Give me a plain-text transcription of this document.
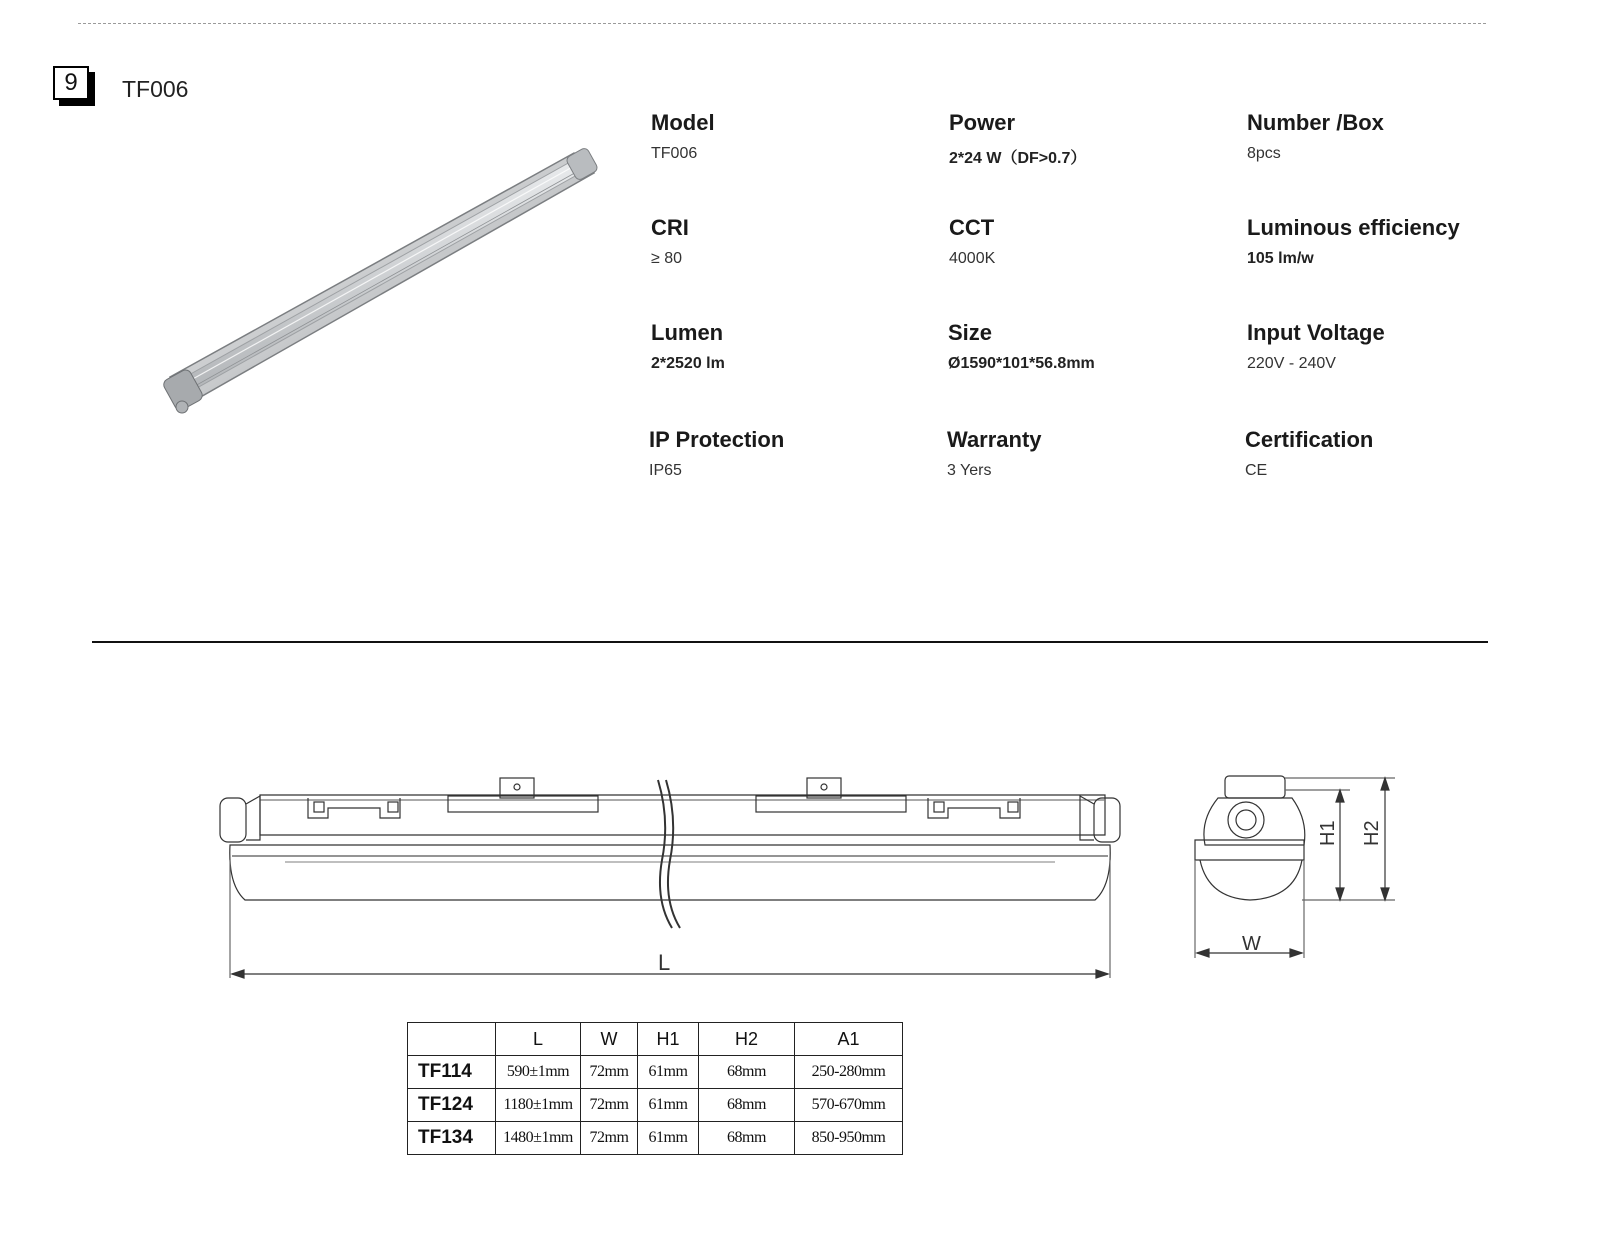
9	TF006
Model
TF006
Power
2*24 W（DF>0.7）
Number /Box
8pcs
CRI
≥ 80
CCT
4000K
Luminous efficiency
105 lm/w
Lumen
2*2520 lm
Size
Ø1590*101*56.8mm
Input Voltage
220V - 240V
IP Protection
IP65
Warranty
3 Yers
Certification
CE
L
H1 H2
W
	L	W	H1	H2	A1
TF114	590±1mm	72mm	61mm	68mm	250-280mm
TF124	1180±1mm	72mm	61mm	68mm	570-670mm
TF134	1480±1mm	72mm	61mm	68mm	850-950mm
